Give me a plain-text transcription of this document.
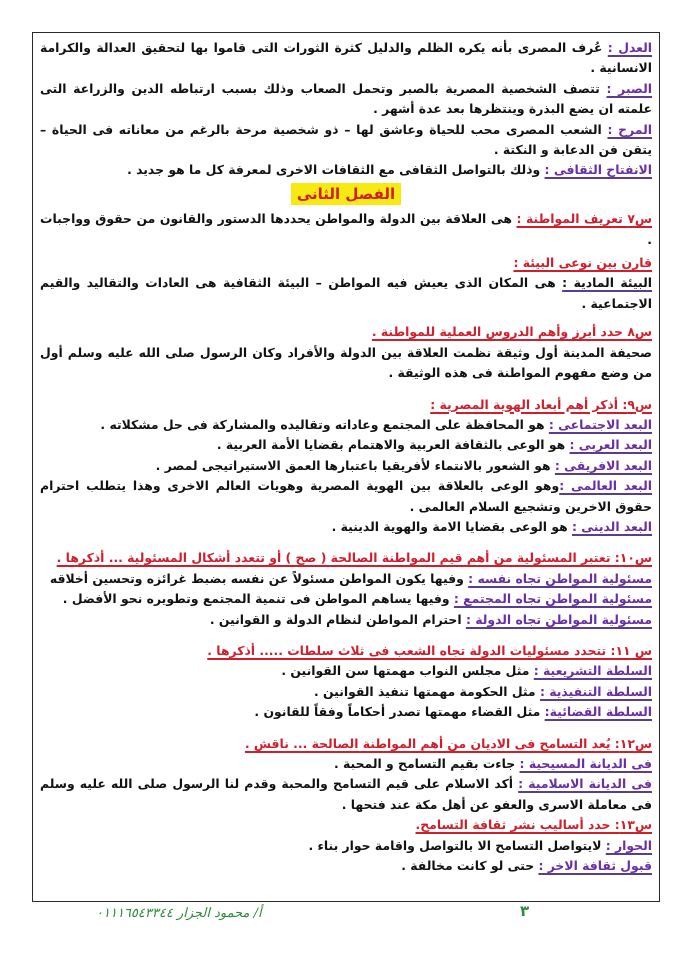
العدل : عُرف المصرى بأنه يكره الظلم والدليل كثرة الثورات التى قاموا بها لتحقيق العدالة والكرامة الانسانية .

الصبر : تتصف الشخصية المصرية بالصبر وتحمل الصعاب وذلك بسبب ارتباطه الدين والزراعة التى علمته ان يضع البذرة وينتظرها بعد عدة أشهر .

المرح : الشعب المصرى محب للحياة وعاشق لها – ذو شخصية مرحة بالرغم من معاناته فى الحياة – يتقن فن الدعابة و النكتة .

الانفتاح الثقافى : وذلك بالتواصل الثقافى مع الثقافات الاخرى لمعرفة كل ما هو جديد .

الفصل الثانى

س٧ تعريف المواطنة : هى العلاقة بين الدولة والمواطن يحددها الدستور والقانون من حقوق وواجبات .

قارن بين نوعى البيئة :

البيئة المادية : هى المكان الذى يعيش فيه المواطن – البيئة الثقافية هى العادات والتقاليد والقيم الاجتماعية .

س٨ حدد أبرز وأهم الدروس العملية للمواطنة .

صحيفة المدينة أول وثيقة نظمت العلاقة بين الدولة والأفراد وكان الرسول صلى الله عليه وسلم أول من وضع مفهوم المواطنة فى هذه الوثيقة .

س٩: أذكر أهم أبعاد الهوية المصرية :

البعد الاجتماعى : هو المحافظة على المجتمع وعاداته وتقاليده والمشاركة فى حل مشكلاته .

البعد العربى : هو الوعى بالثقافة العربية والاهتمام بقضايا الأمة العربية .

البعد الافريقى : هو الشعور بالانتماء لأفريقيا باعتبارها العمق الاستيراتيجى لمصر .

البعد العالمى :وهو الوعى بالعلاقة بين الهوية المصرية وهويات العالم الاخرى وهذا يتطلب احترام حقوق الاخرين وتشجيع السلام العالمى .

البعد الدينى : هو الوعى بقضايا الامة والهوية الدينية .

س١٠: تعتبر المسئولية من أهم قيم المواطنة الصالحة ( صح ) أو تتعدد أشكال المسئولية ... أذكرها .

مسئولية المواطن تجاه نفسه : وفيها يكون المواطن مسئولاً عن نفسه بضبط غرائزه وتحسين أخلاقه

مسئولية المواطن تجاه المجتمع : وفيها يساهم المواطن فى تنمية المجتمع وتطويره نحو الأفضل .

مسئولية المواطن تجاه الدولة : احترام المواطن لنظام الدولة و القوانين .

س ١١: تتحدد مسئوليات الدولة تجاه الشعب فى ثلاث سلطات ..... أذكرها .

السلطة التشريعية : مثل مجلس النواب مهمتها سن القوانين .

السلطة التنفيذية : مثل الحكومة مهمتها تنفيذ القوانين .

السلطة القضائية: مثل القضاء مهمتها تصدر أحكاماً وفقاً للقانون .

س١٢: يُعد التسامح فى الاديان من أهم المواطنة الصالحة ... ناقش .

فى الديانة المسيحية : جاءت بقيم التسامح و المحبة .

فى الديانة الاسلامية : أكد الاسلام على قيم التسامح والمحبة وقدم لنا الرسول صلى الله عليه وسلم فى معاملة الاسرى والعفو عن أهل مكة عند فتحها .

س١٣: حدد أساليب نشر ثقافة التسامح.

الحوار : لايتواصل التسامح الا بالتواصل واقامة حوار بناء .

قبول ثقافة الاخر : حتى لو كانت مخالفة .

أ/ محمود الجزار ٠١١١٦٥٤٣٣٤٤	٣
